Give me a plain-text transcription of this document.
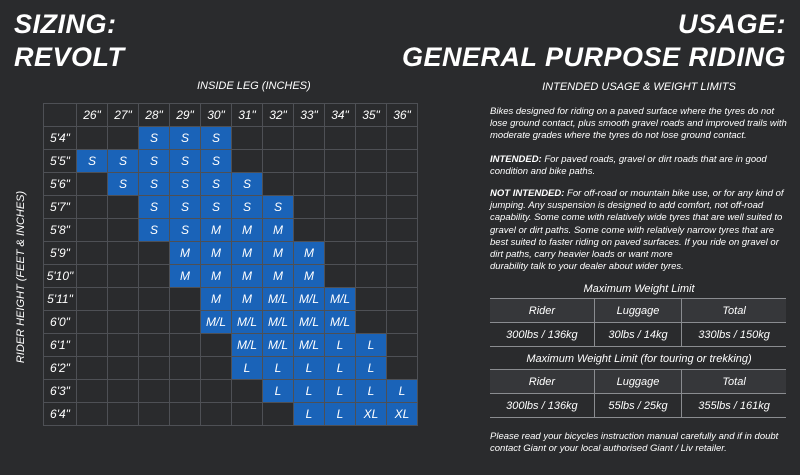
SIZING:
REVOLT
USAGE:
GENERAL PURPOSE RIDING
INSIDE LEG (INCHES)
RIDER HEIGHT (FEET & INCHES)
	26"	27"	28"	29"	30"	31"	32"	33"	34"	35"	36"
5'4"			S	S	S						
5'5"	S	S	S	S	S						
5'6"		S	S	S	S	S					
5'7"			S	S	S	S	S				
5'8"			S	S	M	M	M				
5'9"				M	M	M	M	M			
5'10"				M	M	M	M	M			
5'11"					M	M	M/L	M/L	M/L		
6'0"					M/L	M/L	M/L	M/L	M/L		
6'1"						M/L	M/L	M/L	L	L	
6'2"						L	L	L	L	L	
6'3"							L	L	L	L	L
6'4"								L	L	XL	XL
INTENDED USAGE & WEIGHT LIMITS

Bikes designed for riding on a paved surface where the tyres do not lose ground contact, plus smooth gravel roads and improved trails with moderate grades where the tyres do not lose ground contact.

INTENDED: For paved roads, gravel or dirt roads that are in good condition and bike paths.

NOT INTENDED: For off-road or mountain bike use, or for any kind of jumping. Any suspension is designed to add comfort, not off-road capability. Some come with relatively wide tyres that are well suited to gravel or dirt paths. Some come with relatively narrow tyres that are best suited to faster riding on paved surfaces. If you ride on gravel or dirt paths, carry heavier loads or want more

durability talk to your dealer about wider tyres.

Maximum Weight Limit
Rider	Luggage	Total
300lbs / 136kg	30lbs / 14kg	330lbs / 150kg
Maximum Weight Limit (for touring or trekking)
Rider	Luggage	Total
300lbs / 136kg	55lbs / 25kg	355lbs / 161kg

Please read your bicycles instruction manual carefully and if in doubt contact Giant or your local authorised Giant / Liv retailer.
